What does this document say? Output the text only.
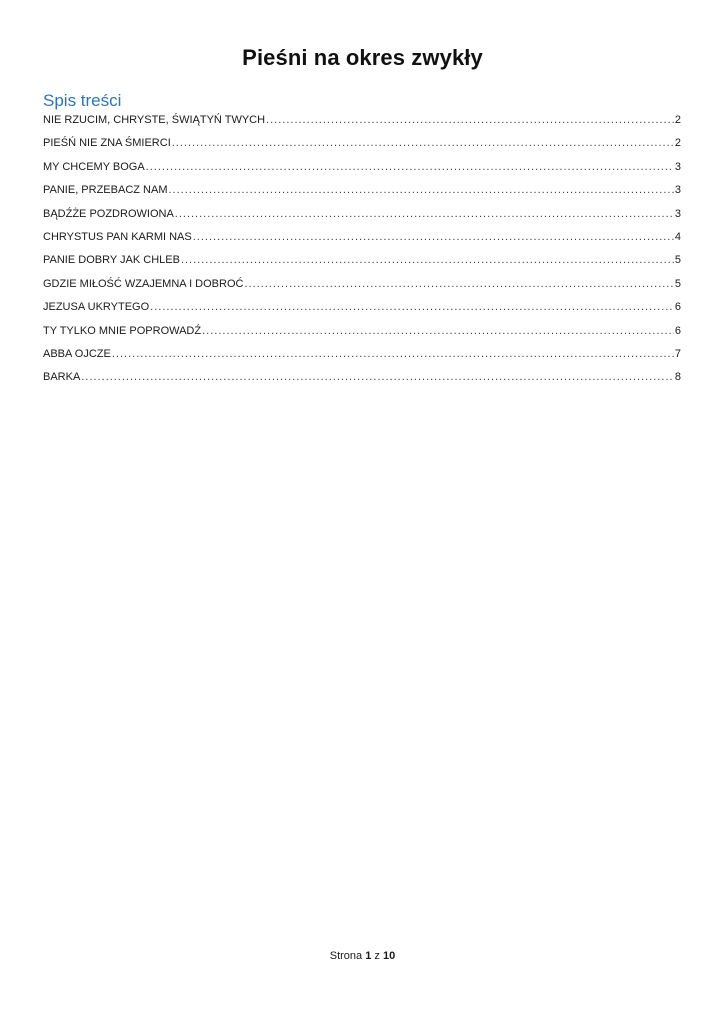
Pieśni na okres zwykły
Spis treści
NIE RZUCIM, CHRYSTE, ŚWIĄTYŃ TWYCH .....	2
PIEŚŃ NIE ZNA ŚMIERCI .....	2
MY CHCEMY BOGA .....	3
PANIE, PRZEBACZ NAM .....	3
BĄDŹŻE POZDROWIONA .....	3
CHRYSTUS PAN KARMI NAS .....	4
PANIE DOBRY JAK CHLEB .....	5
GDZIE MIŁOŚĆ WZAJEMNA I DOBROĆ .....	5
JEZUSA UKRYTEGO .....	6
TY TYLKO MNIE POPROWADŹ .....	6
ABBA OJCZE .....	7
BARKA .....	8
Strona 1 z 10
